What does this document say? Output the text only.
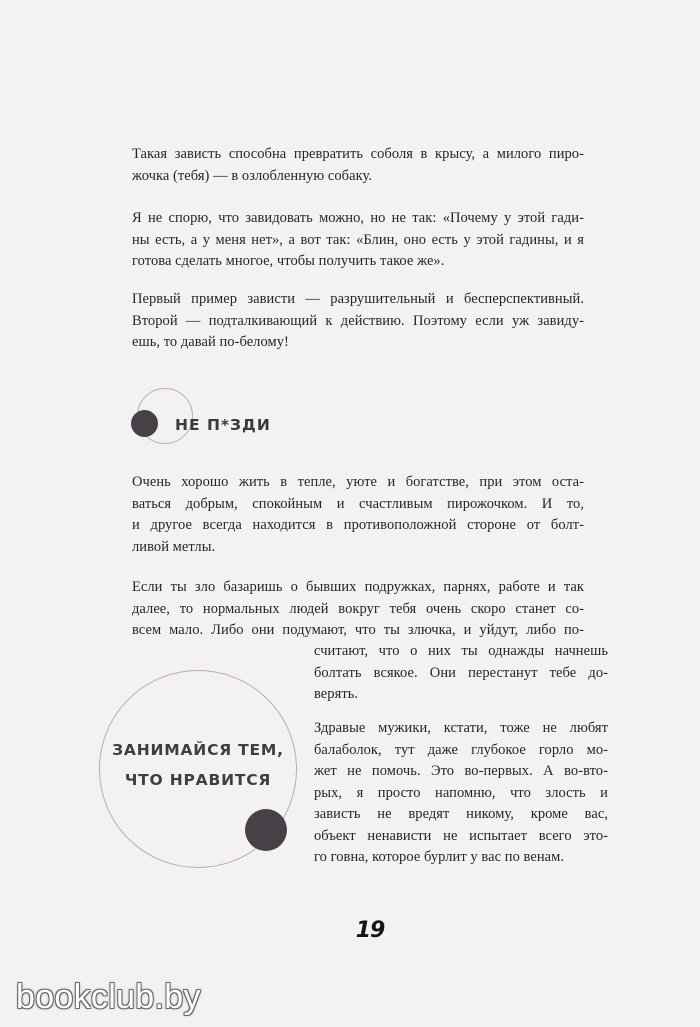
Такая зависть способна превратить соболя в крысу, а милого пиро-
жочка (тебя) — в озлобленную собаку.

Я не спорю, что завидовать можно, но не так: «Почему у этой гади-
ны есть, а у меня нет», а вот так: «Блин, оно есть у этой гадины, и я
готова сделать многое, чтобы получить такое же».

Первый пример зависти — разрушительный и бесперспективный.
Второй — подталкивающий к действию. Поэтому если уж завиду-
ешь, то давай по-белому!

НЕ П*ЗДИ

Очень хорошо жить в тепле, уюте и богатстве, при этом оста-
ваться добрым, спокойным и счастливым пирожочком. И то,
и другое всегда находится в противоположной стороне от болт-
ливой метлы.

Если ты зло базаришь о бывших подружках, парнях, работе и так
далее, то нормальных людей вокруг тебя очень скоро станет со-
всем мало. Либо они подумают, что ты злючка, и уйдут, либо по-

считают, что о них ты однажды начнешь
болтать всякое. Они перестанут тебе до-
верять.

ЗАНИМАЙСЯ ТЕМ,
ЧТО НРАВИТСЯ

Здравые мужики, кстати, тоже не любят
балаболок, тут даже глубокое горло мо-
жет не помочь. Это во-первых. А во-вто-
рых, я просто напомню, что злость и
зависть не вредят никому, кроме вас,
объект ненависти не испытает всего это-
го говна, которое бурлит у вас по венам.

19
bookclub.by
